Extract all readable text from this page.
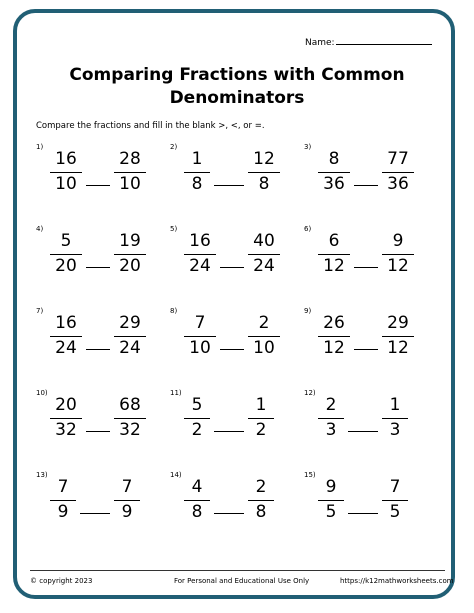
Name:
Comparing Fractions with Common
Denominators
Compare the fractions and fill in the blank >, <, or =.
1)
16
10
28
10
2)
1
8
12
8
3)
8
36
77
36
4)
5
20
19
20
5)
16
24
40
24
6)
6
12
9
12
7)
16
24
29
24
8)
7
10
2
10
9)
26
12
29
12
10)
20
32
68
32
11)
5
2
1
2
12)
2
3
1
3
13)
7
9
7
9
14)
4
8
2
8
15)
9
5
7
5
© copyright 2023	For Personal and Educational Use Only	https://k12mathworksheets.com
